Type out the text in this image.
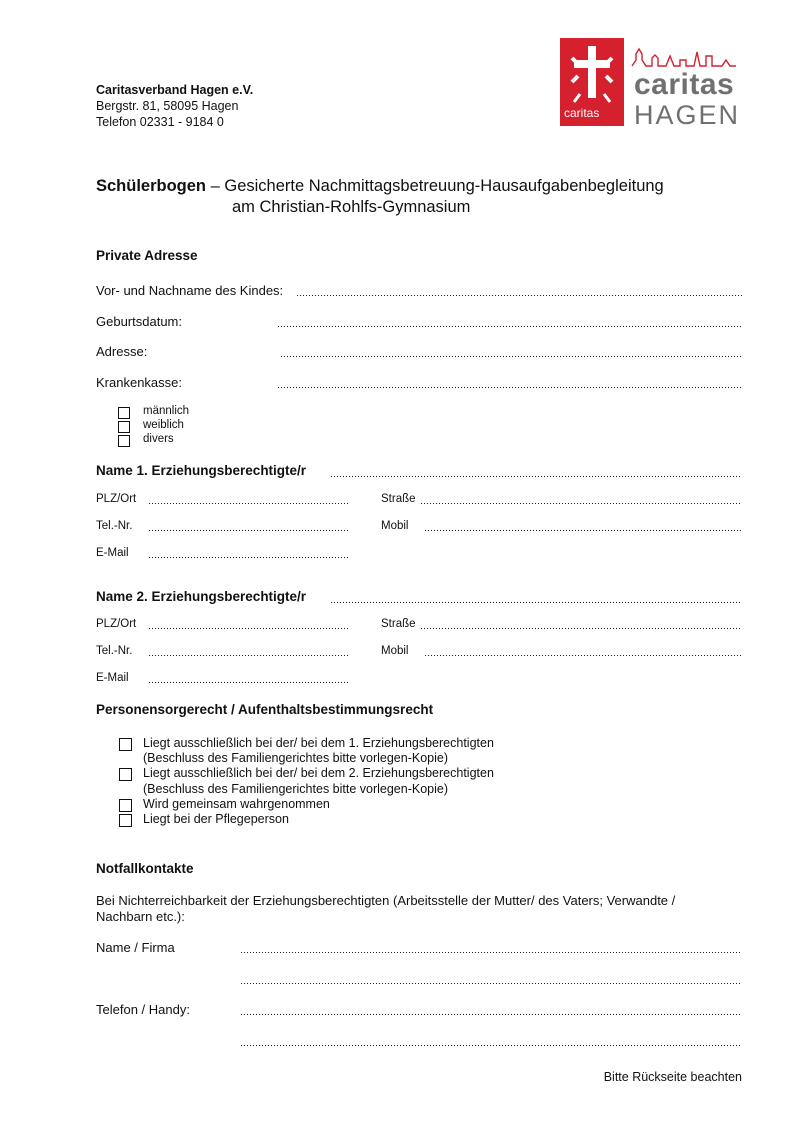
Caritasverband Hagen e.V.
Bergstr. 81, 58095 Hagen
Telefon 02331 - 9184 0
caritas
caritas
HAGEN
Schülerbogen – Gesicherte Nachmittagsbetreuung-Hausaufgabenbegleitung
am Christian-Rohlfs-Gymnasium
Private Adresse
Vor- und Nachname des Kindes:
Geburtsdatum:
Adresse:
Krankenkasse:
männlich
weiblich
divers
Name 1. Erziehungsberechtigte/r
PLZ/Ort	Straße
Tel.-Nr.	Mobil
E-Mail
Name 2. Erziehungsberechtigte/r
PLZ/Ort	Straße
Tel.-Nr.	Mobil
E-Mail
Personensorgerecht / Aufenthaltsbestimmungsrecht
Liegt ausschließlich bei der/ bei dem 1. Erziehungsberechtigten
(Beschluss des Familiengerichtes bitte vorlegen-Kopie)
Liegt ausschließlich bei der/ bei dem 2. Erziehungsberechtigten
(Beschluss des Familiengerichtes bitte vorlegen-Kopie)
Wird gemeinsam wahrgenommen
Liegt bei der Pflegeperson
Notfallkontakte
Bei Nichterreichbarkeit der Erziehungsberechtigten (Arbeitsstelle der Mutter/ des Vaters; Verwandte /
Nachbarn etc.):
Name / Firma
Telefon / Handy:
Bitte Rückseite beachten
